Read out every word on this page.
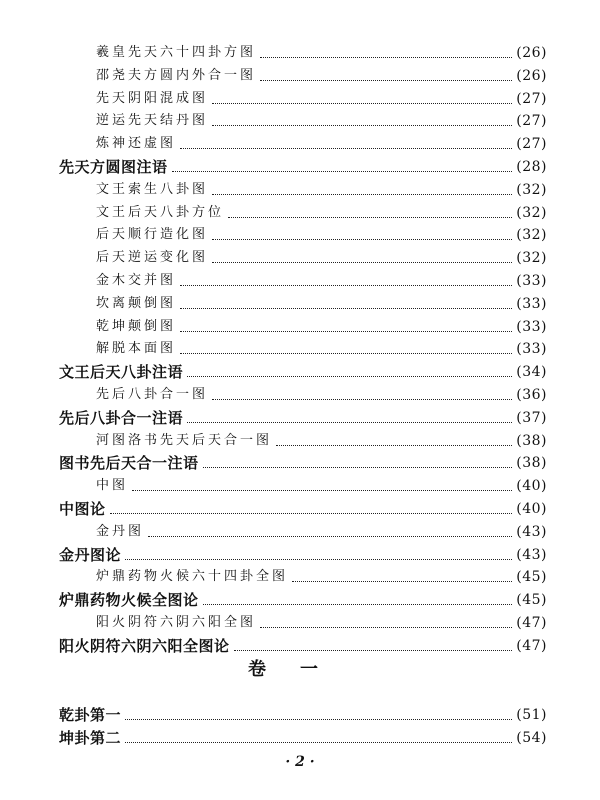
羲皇先天六十四卦方图	(26)
邵尧夫方圆内外合一图	(26)
先天阴阳混成图	(27)
逆运先天结丹图	(27)
炼神还虚图	(27)
先天方圆图注语	(28)
文王索生八卦图	(32)
文王后天八卦方位	(32)
后天顺行造化图	(32)
后天逆运变化图	(32)
金木交并图	(33)
坎离颠倒图	(33)
乾坤颠倒图	(33)
解脱本面图	(33)
文王后天八卦注语	(34)
先后八卦合一图	(36)
先后八卦合一注语	(37)
河图洛书先天后天合一图	(38)
图书先后天合一注语	(38)
中图	(40)
中图论	(40)
金丹图	(43)
金丹图论	(43)
炉鼎药物火候六十四卦全图	(45)
炉鼎药物火候全图论	(45)
阳火阴符六阴六阳全图	(47)
阳火阴符六阴六阳全图论	(47)
乾卦第一	(51)
坤卦第二	(54)
卷一
· 2 ·
